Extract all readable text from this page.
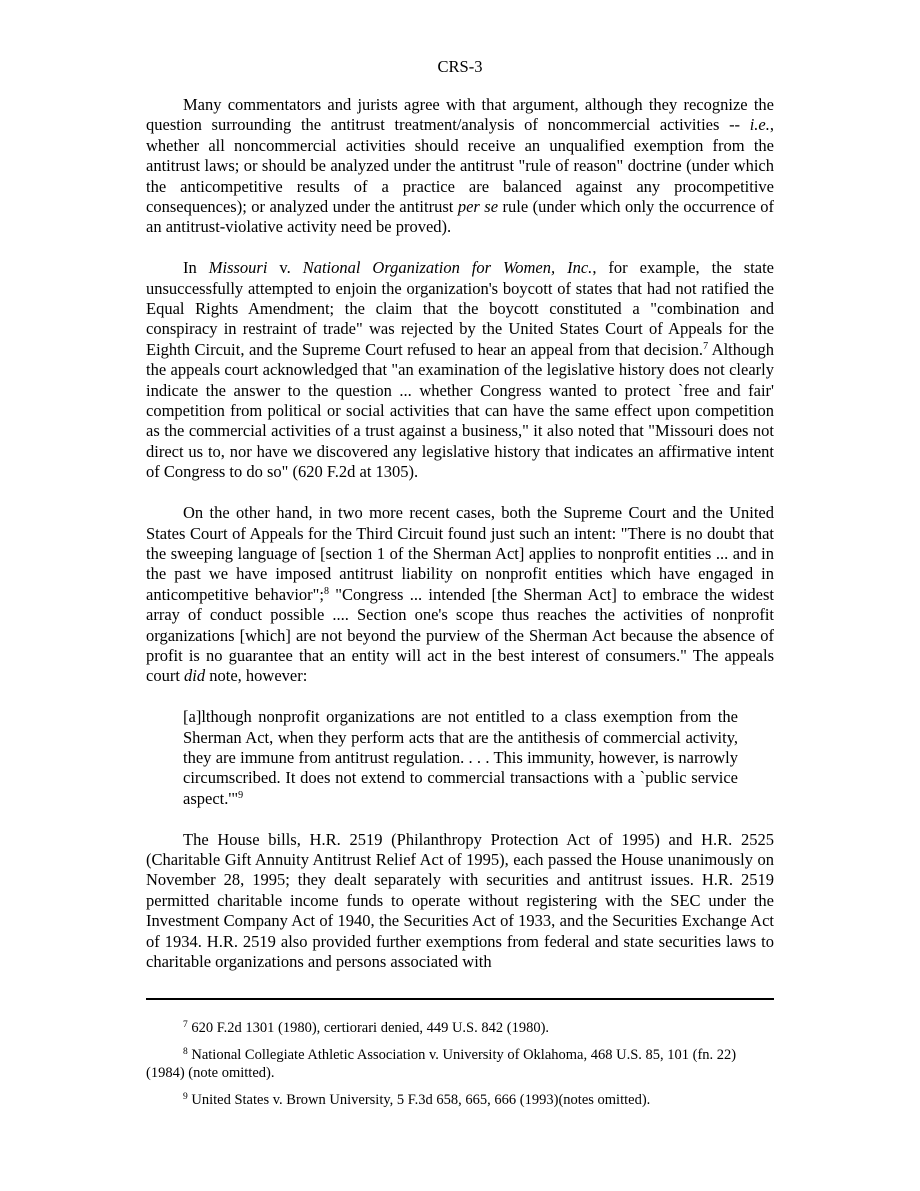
CRS-3

Many commentators and jurists agree with that argument, although they recognize the question surrounding the antitrust treatment/analysis of noncommercial activities -- i.e., whether all noncommercial activities should receive an unqualified exemption from the antitrust laws; or should be analyzed under the antitrust "rule of reason" doctrine (under which the anticompetitive results of a practice are balanced against any procompetitive consequences); or analyzed under the antitrust per se rule (under which only the occurrence of an antitrust-violative activity need be proved).

In Missouri v. National Organization for Women, Inc., for example, the state unsuccessfully attempted to enjoin the organization's boycott of states that had not ratified the Equal Rights Amendment; the claim that the boycott constituted a "combination and conspiracy in restraint of trade" was rejected by the United States Court of Appeals for the Eighth Circuit, and the Supreme Court refused to hear an appeal from that decision.$^7$ Although the appeals court acknowledged that "an examination of the legislative history does not clearly indicate the answer to the question ... whether Congress wanted to protect `free and fair' competition from political or social activities that can have the same effect upon competition as the commercial activities of a trust against a business," it also noted that "Missouri does not direct us to, nor have we discovered any legislative history that indicates an affirmative intent of Congress to do so" (620 F.2d at 1305).

On the other hand, in two more recent cases, both the Supreme Court and the United States Court of Appeals for the Third Circuit found just such an intent: "There is no doubt that the sweeping language of [section 1 of the Sherman Act] applies to nonprofit entities ... and in the past we have imposed antitrust liability on nonprofit entities which have engaged in anticompetitive behavior";$^8$ "Congress ... intended [the Sherman Act] to embrace the widest array of conduct possible .... Section one's scope thus reaches the activities of nonprofit organizations [which] are not beyond the purview of the Sherman Act because the absence of profit is no guarantee that an entity will act in the best interest of consumers." The appeals court did note, however:

[a]lthough nonprofit organizations are not entitled to a class exemption from the Sherman Act, when they perform acts that are the antithesis of commercial activity, they are immune from antitrust regulation. . . . This immunity, however, is narrowly circumscribed. It does not extend to commercial transactions with a `public service aspect.'"$^9$

The House bills, H.R. 2519 (Philanthropy Protection Act of 1995) and H.R. 2525 (Charitable Gift Annuity Antitrust Relief Act of 1995), each passed the House unanimously on November 28, 1995; they dealt separately with securities and antitrust issues. H.R. 2519 permitted charitable income funds to operate without registering with the SEC under the Investment Company Act of 1940, the Securities Act of 1933, and the Securities Exchange Act of 1934. H.R. 2519 also provided further exemptions from federal and state securities laws to charitable organizations and persons associated with

$^7$ 620 F.2d 1301 (1980), certiorari denied, 449 U.S. 842 (1980).

$^8$ National Collegiate Athletic Association v. University of Oklahoma, 468 U.S. 85, 101 (fn. 22) (1984) (note omitted).

$^9$ United States v. Brown University, 5 F.3d 658, 665, 666 (1993)(notes omitted).
